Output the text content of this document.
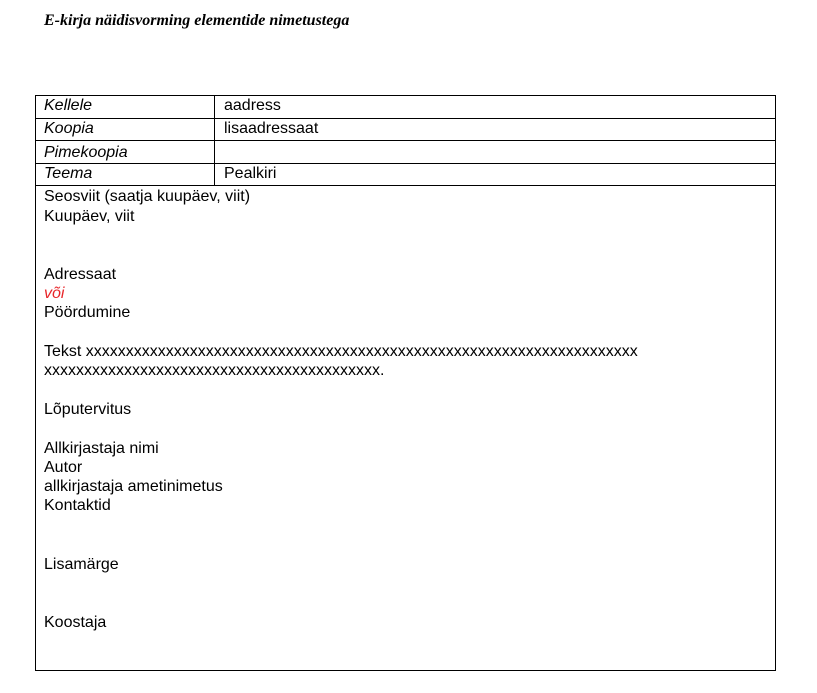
E-kirja näidisvorming elementide nimetustega
Kellele	aadress
Koopia	lisaadressaat
Pimekoopia
Teema	Pealkiri
Seosviit (saatja kuupäev, viit)
Kuupäev, viit
Adressaat
või
Pöördumine
Tekst xxxxxxxxxxxxxxxxxxxxxxxxxxxxxxxxxxxxxxxxxxxxxxxxxxxxxxxxxxxxxxxxxxxxx
xxxxxxxxxxxxxxxxxxxxxxxxxxxxxxxxxxxxxxxxxx.
Lõputervitus
Allkirjastaja nimi
Autor
allkirjastaja ametinimetus
Kontaktid
Lisamärge
Koostaja
